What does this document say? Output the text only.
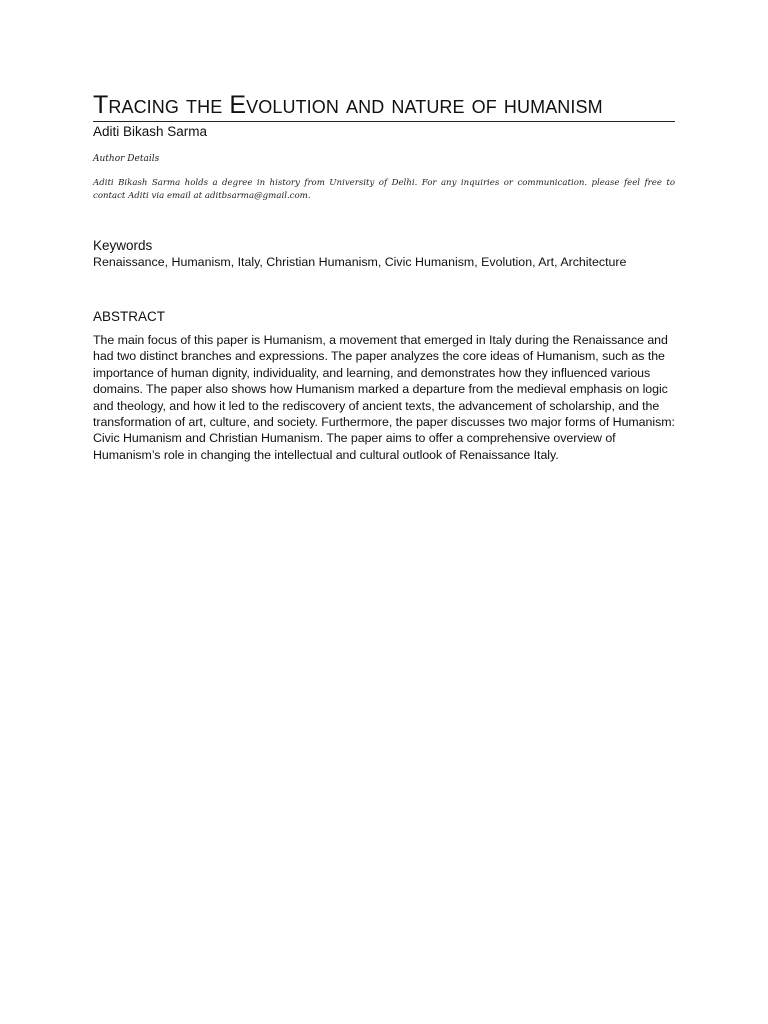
Tracing the Evolution and nature of humanism
Aditi Bikash Sarma
Author Details
Aditi Bikash Sarma holds a degree in history from University of Delhi. For any inquiries or communication. please feel free to contact Aditi via email at aditbsarma@gmail.com.
Keywords
Renaissance, Humanism, Italy, Christian Humanism, Civic Humanism, Evolution, Art, Architecture
ABSTRACT
The main focus of this paper is Humanism, a movement that emerged in Italy during the Renaissance and had two distinct branches and expressions. The paper analyzes the core ideas of Humanism, such as the importance of human dignity, individuality, and learning, and demonstrates how they influenced various domains. The paper also shows how Humanism marked a departure from the medieval emphasis on logic and theology, and how it led to the rediscovery of ancient texts, the advancement of scholarship, and the transformation of art, culture, and society. Furthermore, the paper discusses two major forms of Humanism: Civic Humanism and Christian Humanism. The paper aims to offer a comprehensive overview of Humanism’s role in changing the intellectual and cultural outlook of Renaissance Italy.
